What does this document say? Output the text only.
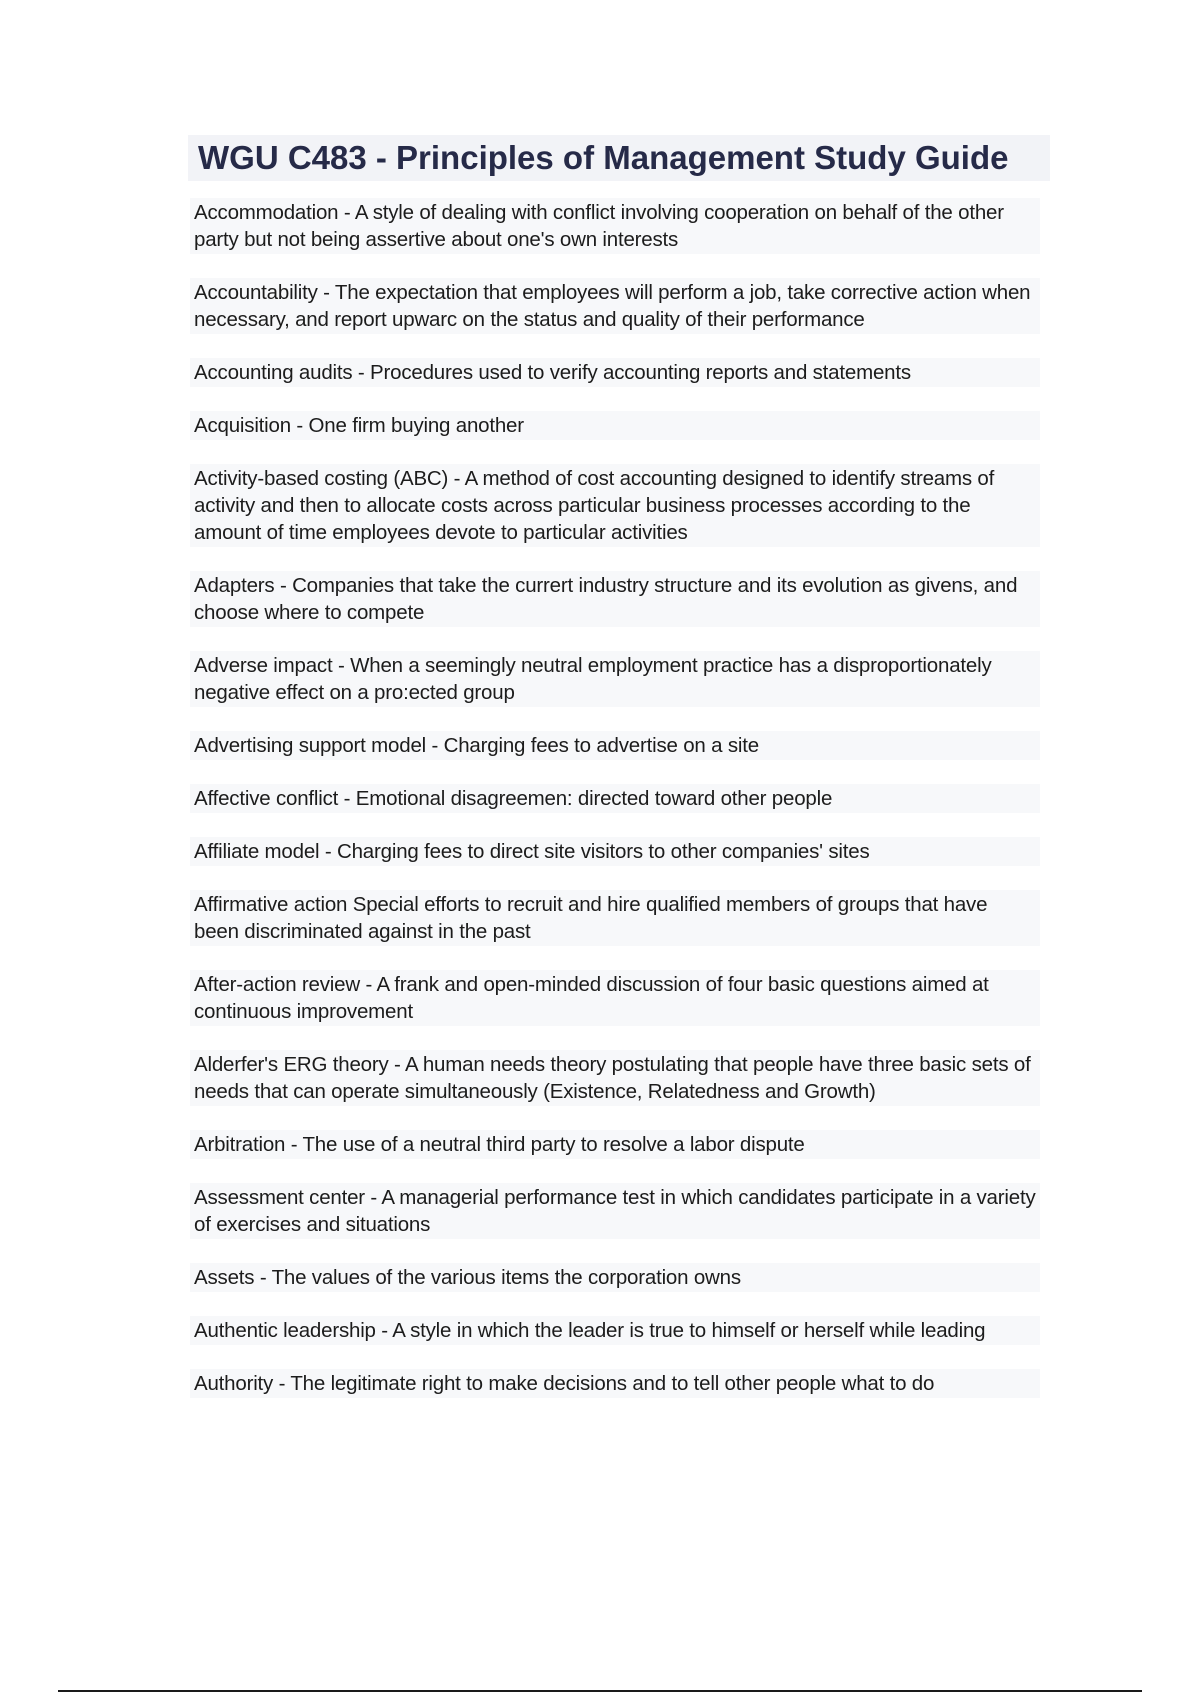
WGU C483 - Principles of Management Study Guide
Accommodation - A style of dealing with conflict involving cooperation on behalf of the other party but not being assertive about one's own interests
Accountability - The expectation that employees will perform a job, take corrective action when necessary, and report upwarc on the status and quality of their performance
Accounting audits - Procedures used to verify accounting reports and statements
Acquisition - One firm buying another
Activity-based costing (ABC) - A method of cost accounting designed to identify streams of activity and then to allocate costs across particular business processes according to the amount of time employees devote to particular activities
Adapters - Companies that take the currert industry structure and its evolution as givens, and choose where to compete
Adverse impact - When a seemingly neutral employment practice has a disproportionately negative effect on a pro:ected group
Advertising support model - Charging fees to advertise on a site
Affective conflict - Emotional disagreemen: directed toward other people
Affiliate model - Charging fees to direct site visitors to other companies' sites
Affirmative action Special efforts to recruit and hire qualified members of groups that have been discriminated against in the past
After-action review - A frank and open-minded discussion of four basic questions aimed at continuous improvement
Alderfer's ERG theory - A human needs theory postulating that people have three basic sets of needs that can operate simultaneously (Existence, Relatedness and Growth)
Arbitration - The use of a neutral third party to resolve a labor dispute
Assessment center - A managerial performance test in which candidates participate in a variety of exercises and situations
Assets - The values of the various items the corporation owns
Authentic leadership - A style in which the leader is true to himself or herself while leading
Authority - The legitimate right to make decisions and to tell other people what to do
